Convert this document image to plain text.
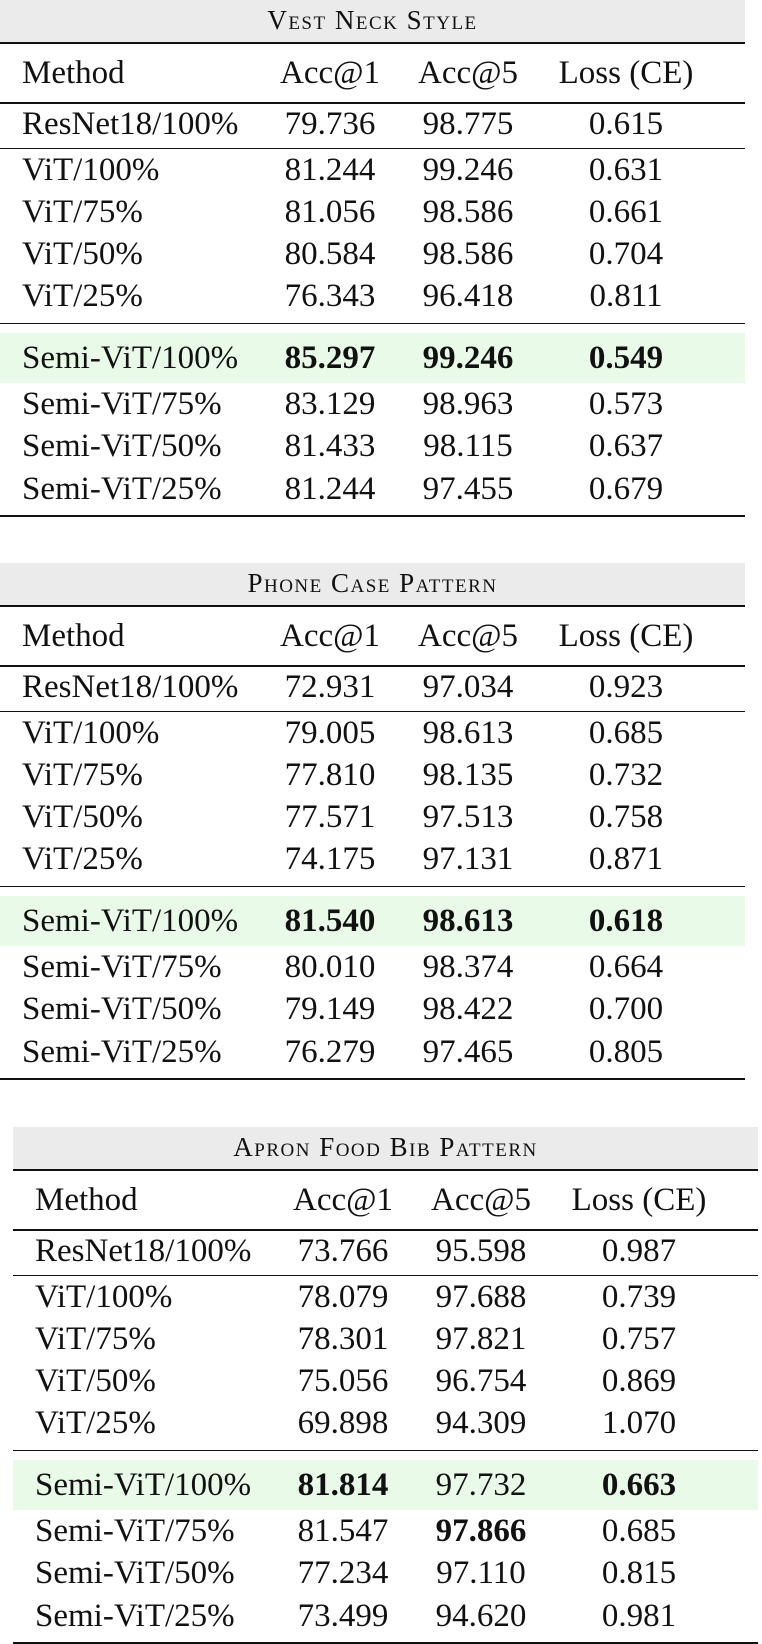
Vest Neck Style
Method	Acc@1 Acc@5 Loss (CE)
ResNet18/100% 79.736 98.775	0.615
ViT/100%	81.244 99.246	0.631
ViT/75%	81.056 98.586	0.661
ViT/50%	80.584 98.586	0.704
ViT/25%	76.343 96.418	0.811
Semi-ViT/100% 85.297 99.246	0.549
Semi-ViT/75% 83.129 98.963	0.573
Semi-ViT/50% 81.433 98.115	0.637
Semi-ViT/25% 81.244 97.455	0.679
Phone Case Pattern
Method	Acc@1 Acc@5 Loss (CE)
ResNet18/100% 72.931 97.034	0.923
ViT/100%	79.005 98.613	0.685
ViT/75%	77.810 98.135	0.732
ViT/50%	77.571 97.513	0.758
ViT/25%	74.175 97.131	0.871
Semi-ViT/100% 81.540 98.613	0.618
Semi-ViT/75% 80.010 98.374	0.664
Semi-ViT/50% 79.149 98.422	0.700
Semi-ViT/25% 76.279 97.465	0.805
Apron Food Bib Pattern
Method	Acc@1 Acc@5 Loss (CE)
ResNet18/100% 73.766 95.598	0.987
ViT/100%	78.079 97.688	0.739
ViT/75%	78.301 97.821	0.757
ViT/50%	75.056 96.754	0.869
ViT/25%	69.898 94.309	1.070
Semi-ViT/100% 81.814 97.732	0.663
Semi-ViT/75% 81.547 97.866	0.685
Semi-ViT/50% 77.234 97.110	0.815
Semi-ViT/25% 73.499 94.620	0.981
